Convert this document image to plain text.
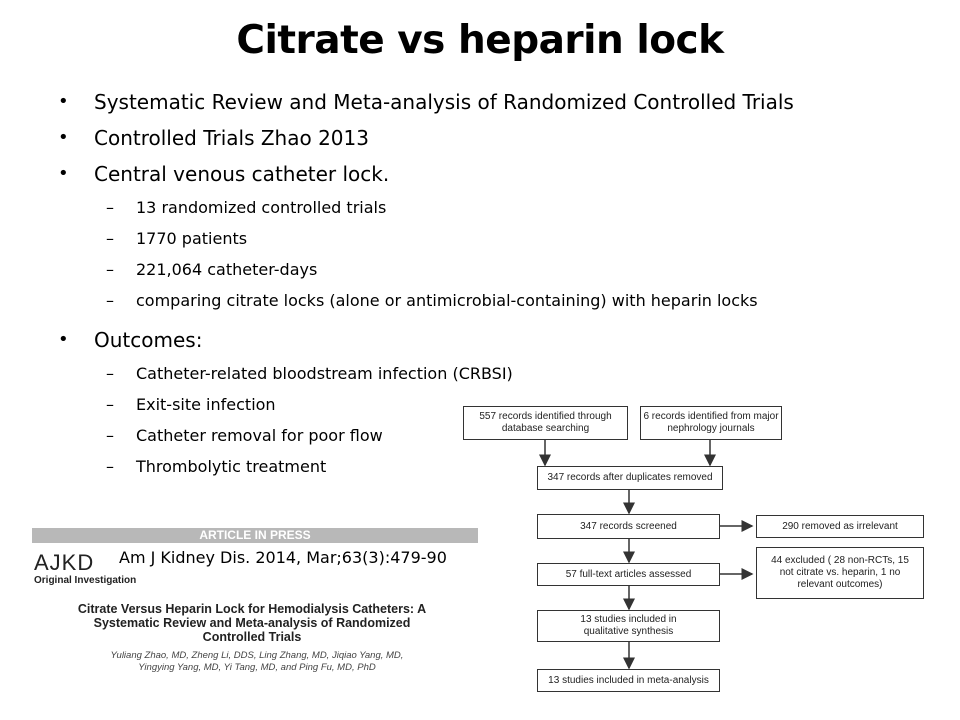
Citrate vs heparin lock
• Systematic Review and Meta-analysis of Randomized Controlled Trials
• Controlled Trials Zhao 2013
• Central venous catheter lock.
– 13 randomized controlled trials
– 1770 patients
– 221,064 catheter-days
– comparing citrate locks (alone or antimicrobial-containing) with heparin locks
• Outcomes:
– Catheter-related bloodstream infection (CRBSI)
– Exit-site infection
– Catheter removal for poor flow
– Thrombolytic treatment
557 records identified through database searching
6 records identified from major nephrology journals
347 records after duplicates removed
347 records screened	290 removed as irrelevant
57 full-text articles assessed
44 excluded ( 28 non-RCTs, 15 not citrate vs. heparin, 1 no relevant outcomes)
13 studies included in qualitative synthesis
13 studies included in meta-analysis
ARTICLE IN PRESS
AJKD
Original Investigation
Citrate Versus Heparin Lock for Hemodialysis Catheters: A Systematic Review and Meta-analysis of Randomized Controlled Trials
Yuliang Zhao, MD, Zheng Li, DDS, Ling Zhang, MD, Jiqiao Yang, MD, Yingying Yang, MD, Yi Tang, MD, and Ping Fu, MD, PhD
Am J Kidney Dis. 2014, Mar;63(3):479-90
